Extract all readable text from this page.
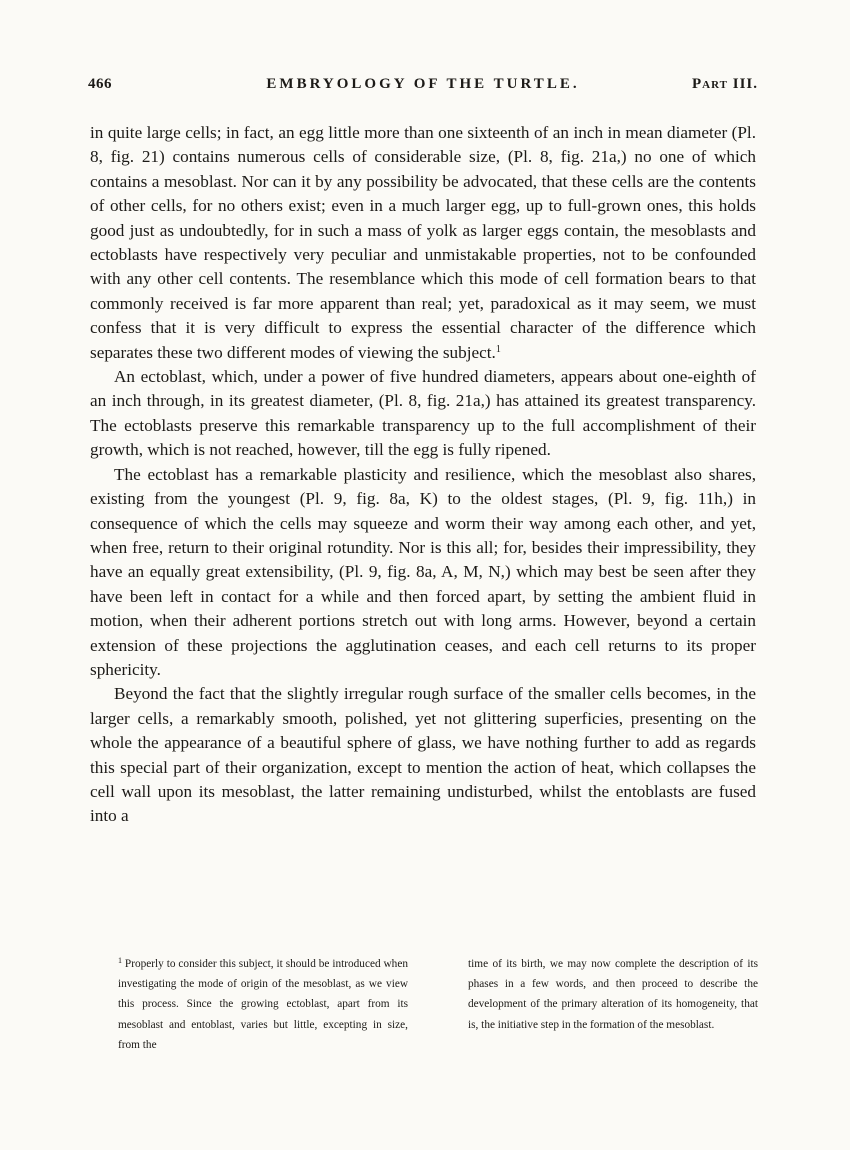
466	EMBRYOLOGY OF THE TURTLE.	Part III.

in quite large cells; in fact, an egg little more than one sixteenth of an inch in mean diameter (Pl. 8, fig. 21) contains numerous cells of considerable size, (Pl. 8, fig. 21a,) no one of which contains a mesoblast. Nor can it by any possibility be advocated, that these cells are the contents of other cells, for no others exist; even in a much larger egg, up to full-grown ones, this holds good just as undoubtedly, for in such a mass of yolk as larger eggs contain, the mesoblasts and ectoblasts have respectively very peculiar and unmistakable properties, not to be confounded with any other cell contents. The resemblance which this mode of cell formation bears to that commonly received is far more apparent than real; yet, paradoxical as it may seem, we must confess that it is very difficult to express the essential character of the difference which separates these two different modes of viewing the subject.$^1$

An ectoblast, which, under a power of five hundred diameters, appears about one-eighth of an inch through, in its greatest diameter, (Pl. 8, fig. 21a,) has attained its greatest transparency. The ectoblasts preserve this remarkable transparency up to the full accomplishment of their growth, which is not reached, however, till the egg is fully ripened.

The ectoblast has a remarkable plasticity and resilience, which the mesoblast also shares, existing from the youngest (Pl. 9, fig. 8a, K) to the oldest stages, (Pl. 9, fig. 11h,) in consequence of which the cells may squeeze and worm their way among each other, and yet, when free, return to their original rotundity. Nor is this all; for, besides their impressibility, they have an equally great extensibility, (Pl. 9, fig. 8a, A, M, N,) which may best be seen after they have been left in contact for a while and then forced apart, by setting the ambient fluid in motion, when their adherent portions stretch out with long arms. However, beyond a certain extension of these projections the agglutination ceases, and each cell returns to its proper sphericity.

Beyond the fact that the slightly irregular rough surface of the smaller cells becomes, in the larger cells, a remarkably smooth, polished, yet not glittering superficies, presenting on the whole the appearance of a beautiful sphere of glass, we have nothing further to add as regards this special part of their organization, except to mention the action of heat, which collapses the cell wall upon its mesoblast, the latter remaining undisturbed, whilst the entoblasts are fused into a

$^1$ Properly to consider this subject, it should be introduced when investigating the mode of origin of the mesoblast, as we view this process. Since the growing ectoblast, apart from its mesoblast and entoblast, varies but little, excepting in size, from the
time of its birth, we may now complete the description of its phases in a few words, and then proceed to describe the development of the primary alteration of its homogeneity, that is, the initiative step in the formation of the mesoblast.
